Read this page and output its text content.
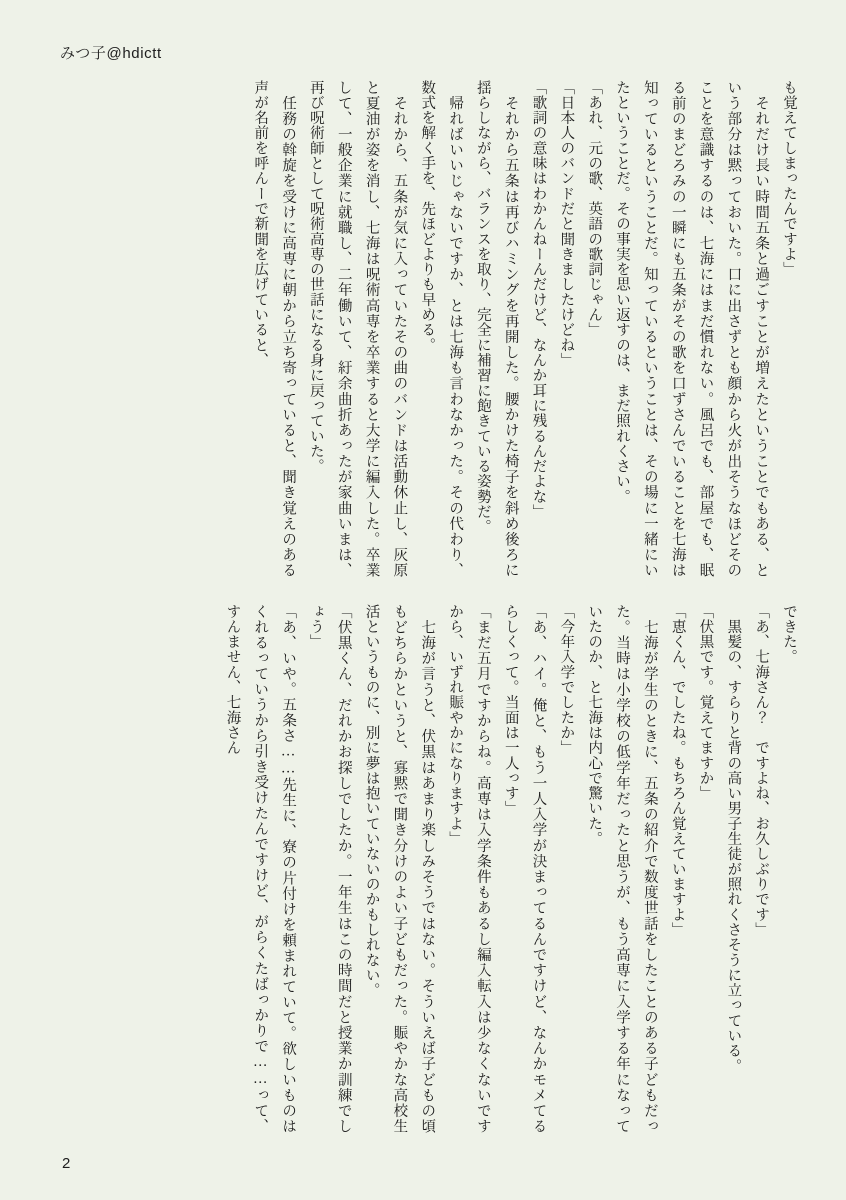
みつ子@hdictt

も覚えてしまったんですよ」

　それだけ長い時間五条と過ごすことが増えたということでもある、という部分は黙っておいた。口に出さずとも顔から火が出そうなほどそのことを意識するのは、七海にはまだ慣れない。風呂でも、部屋でも、眠る前のまどろみの一瞬にも五条がその歌を口ずさんでいることを七海は知っているということだ。知っているということは、その場に一緒にいたということだ。その事実を思い返すのは、まだ照れくさい。

「あれ、元の歌、英語の歌詞じゃん」

「日本人のバンドだと聞きましたけどね」

「歌詞の意味はわかんねーんだけど、なんか耳に残るんだよな」

　それから五条は再びハミングを再開した。腰かけた椅子を斜め後ろに揺らしながら、バランスを取り、完全に補習に飽きている姿勢だ。

　帰ればいいじゃないですか、とは七海も言わなかった。その代わり、数式を解く手を、先ほどよりも早める。

　それから、五条が気に入っていたその曲のバンドは活動休止し、灰原と夏油が姿を消し、七海は呪術高専を卒業すると大学に編入した。卒業して、一般企業に就職し、二年働いて、紆余曲折あったが家曲いまは、再び呪術師として呪術高専の世話になる身に戻っていた。

　任務の斡旋を受けに高専に朝から立ち寄っていると、聞き覚えのある声が名前を呼んーで新聞を広げていると、

できた。

「あ、七海さん？　ですよね、お久しぶりです」

　黒髪の、すらりと背の高い男子生徒が照れくさそうに立っている。

「伏黒です。覚えてますか」

「恵くん、でしたね。もちろん覚えていますよ」

　七海が学生のときに、五条の紹介で数度世話をしたことのある子どもだった。当時は小学校の低学年だったと思うが、もう高専に入学する年になっていたのか、と七海は内心で驚いた。

「今年入学でしたか」

「あ、ハイ。俺と、もう一人入学が決まってるんですけど、なんかモメてるらしくって。当面は一人っす」

「まだ五月ですからね。高専は入学条件もあるし編入転入は少なくないですから、いずれ賑やかになりますよ」

　七海が言うと、伏黒はあまり楽しみそうではない。そういえば子どもの頃もどちらかというと、寡黙で聞き分けのよい子どもだった。賑やかな高校生活というものに、別に夢は抱いていないのかもしれない。

「伏黒くん、だれかお探しでしたか。一年生はこの時間だと授業か訓練でしょう」

「あ、いや。五条さ……先生に、寮の片付けを頼まれていて。欲しいものはくれるっていうから引き受けたんですけど、がらくたばっかりで……って、すんません、七海さん

2
